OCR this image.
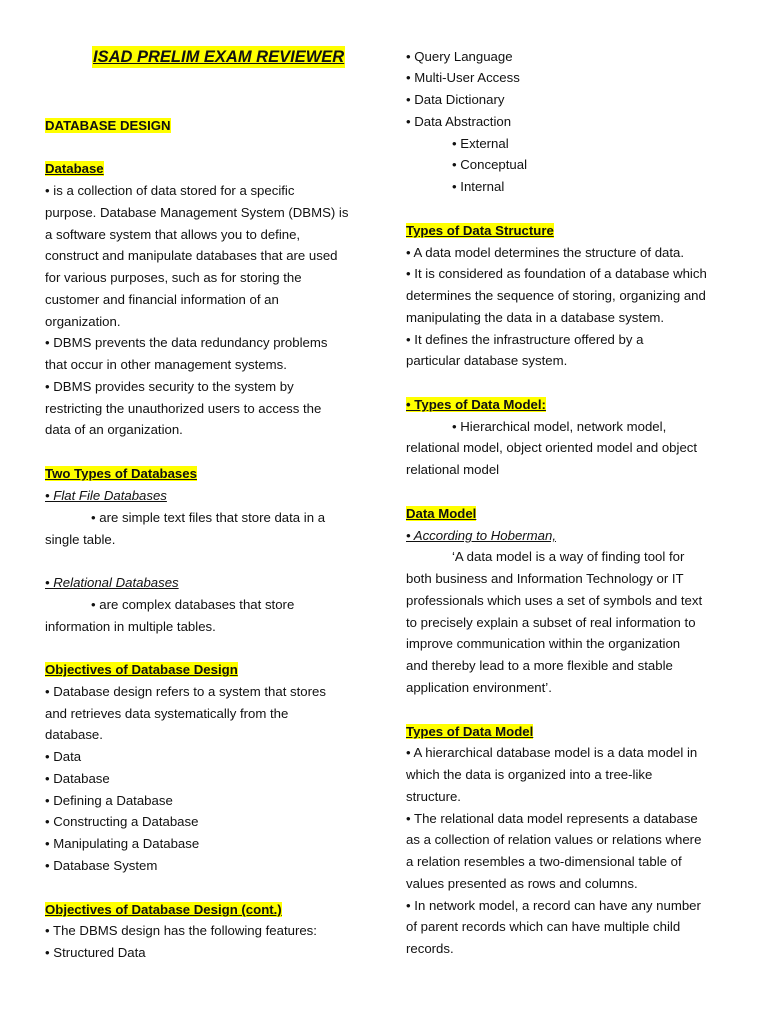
ISAD PRELIM EXAM REVIEWER
DATABASE DESIGN
Database
• is a collection of data stored for a specific
purpose. Database Management System (DBMS) is
a software system that allows you to define,
construct and manipulate databases that are used
for various purposes, such as for storing the
customer and financial information of an
organization.
• DBMS prevents the data redundancy problems
that occur in other management systems.
• DBMS provides security to the system by
restricting the unauthorized users to access the
data of an organization.
Two Types of Databases
• Flat File Databases
• are simple text files that store data in a
single table.
• Relational Databases
• are complex databases that store
information in multiple tables.
Objectives of Database Design
• Database design refers to a system that stores
and retrieves data systematically from the
database.
• Data
• Database
• Defining a Database
• Constructing a Database
• Manipulating a Database
• Database System
Objectives of Database Design (cont.)
• The DBMS design has the following features:
• Structured Data
• Query Language
• Multi-User Access
• Data Dictionary
• Data Abstraction
• External
• Conceptual
• Internal
Types of Data Structure
• A data model determines the structure of data.
• It is considered as foundation of a database which
determines the sequence of storing, organizing and
manipulating the data in a database system.
• It defines the infrastructure offered by a
particular database system.
• Types of Data Model:
• Hierarchical model, network model,
relational model, object oriented model and object
relational model
Data Model
• According to Hoberman,
‘A data model is a way of finding tool for
both business and Information Technology or IT
professionals which uses a set of symbols and text
to precisely explain a subset of real information to
improve communication within the organization
and thereby lead to a more flexible and stable
application environment’.
Types of Data Model
• A hierarchical database model is a data model in
which the data is organized into a tree-like
structure.
• The relational data model represents a database
as a collection of relation values or relations where
a relation resembles a two-dimensional table of
values presented as rows and columns.
• In network model, a record can have any number
of parent records which can have multiple child
records.
